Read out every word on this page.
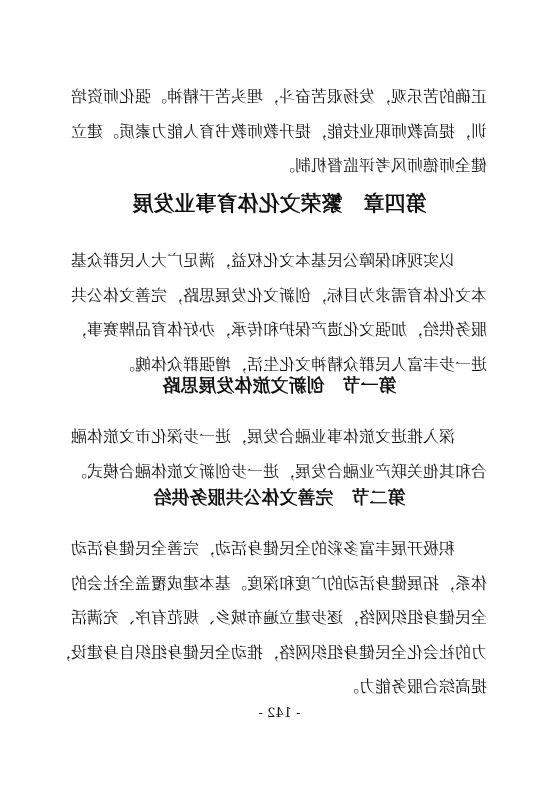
正确的苦乐观，发扬艰苦奋斗，埋头苦干精神。强化师资培

训，提高教师职业技能，提升教师教书育人能力素质。建立

健全师德师风考评监督机制。

第四章　繁荣文化体育事业发展

以实现和保障公民基本文化权益，满足广大人民群众基

本文化体育需求为目标，创新文化发展思路，完善文体公共

服务供给，加强文化遗产保护和传承，办好体育品牌赛事，

进一步丰富人民群众精神文化生活，增强群众体魄。

第一节　创新文旅体发展思路

深入推进文旅体事业融合发展，进一步深化市文旅体融

合和其他关联产业融合发展，进一步创新文旅体融合模式。

第二节　完善文体公共服务供给

积极开展丰富多彩的全民健身活动，完善全民健身活动

体系，拓展健身活动的广度和深度。基本建成覆盖全社会的

全民健身组织网络，逐步建立遍布城乡、规范有序、充满活

力的社会化全民健身组织网络，推动全民健身组织自身建设，

提高综合服务能力。

- 142 -
